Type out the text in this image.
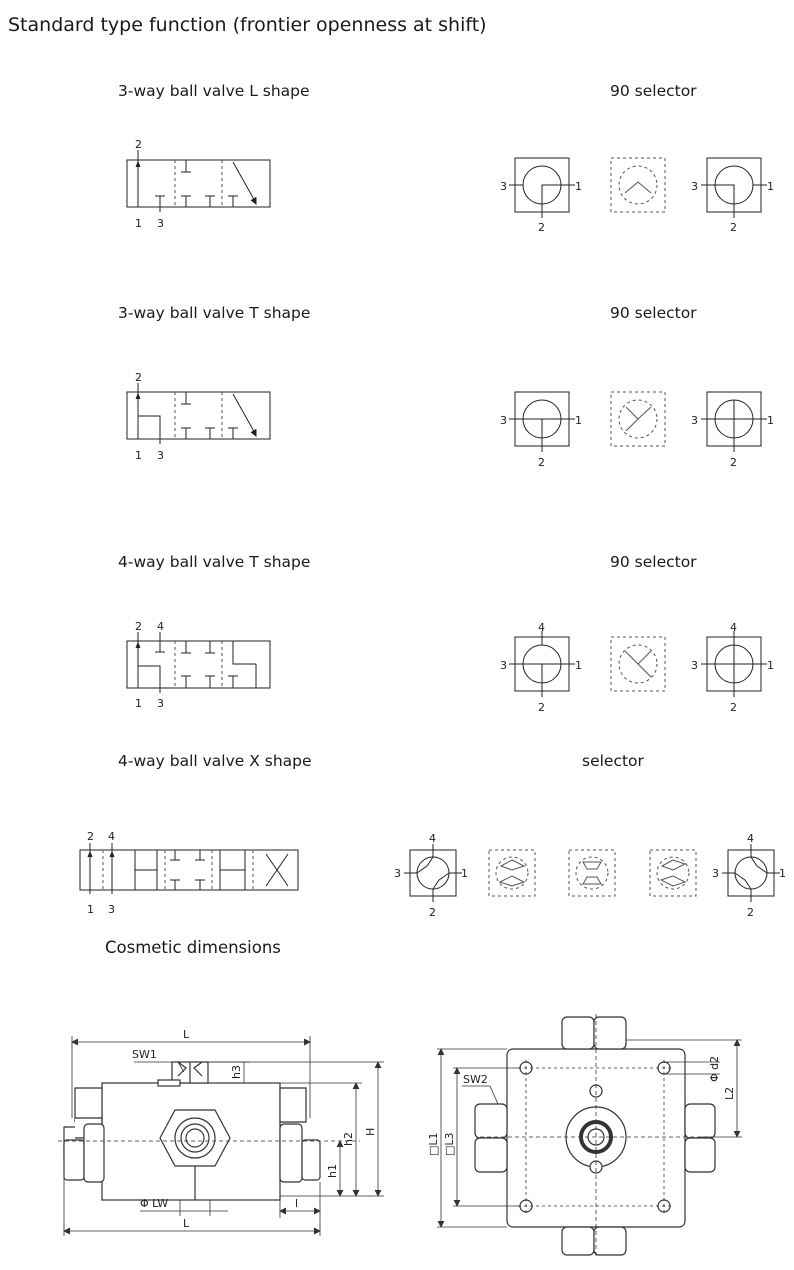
Standard type function (frontier openness at shift)
3-way ball valve L shape	90 selector
3-way ball valve T shape	90 selector
4-way ball valve T shape	90 selector
4-way ball valve X shape	selector
Cosmetic dimensions
2
1 3
3	1
2
3	1
2
2
1 3
3	1
2
3	1
2
2 4
1 3
4
3	1
2
4
3	1
2
2 4
1 3
4
3	1
2
4
3	1
2
L
SW1
L
Φ LW	l
h3
H
h2
h1
SW2
□L1 □L3
Φ d2
L2
